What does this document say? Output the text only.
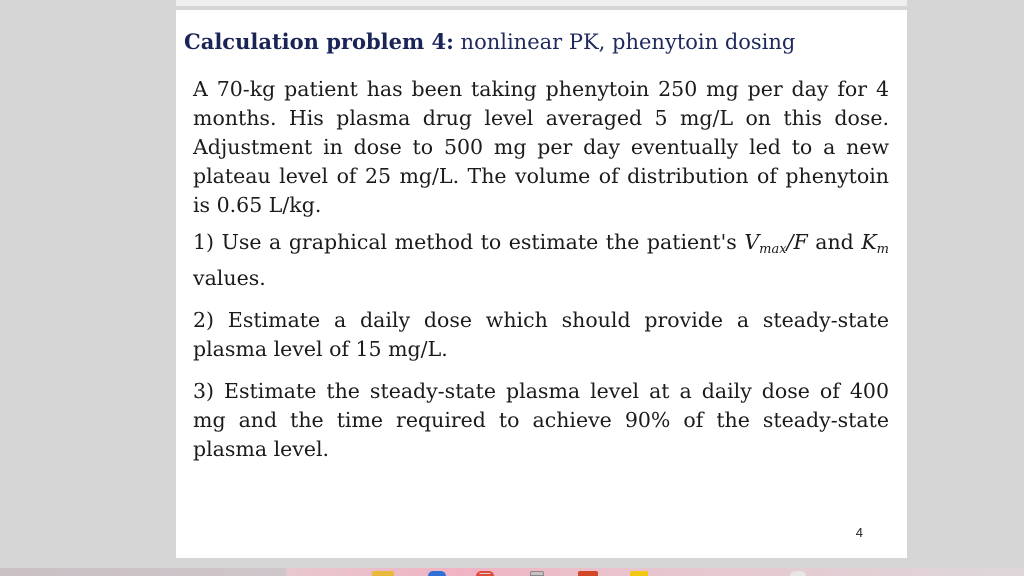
Calculation problem 4: nonlinear PK, phenytoin dosing

A 70-kg patient has been taking phenytoin 250 mg per day for 4 months. His plasma drug level averaged 5 mg/L on this dose. Adjustment in dose to 500 mg per day eventually led to a new plateau level of 25 mg/L. The volume of distribution of phenytoin is 0.65 L/kg.

1) Use a graphical method to estimate the patient's $V_{max}/F$ and $K_m$ values.

2) Estimate a daily dose which should provide a steady-state plasma level of 15 mg/L.

3) Estimate the steady-state plasma level at a daily dose of 400 mg and the time required to achieve 90% of the steady-state plasma level.

4
